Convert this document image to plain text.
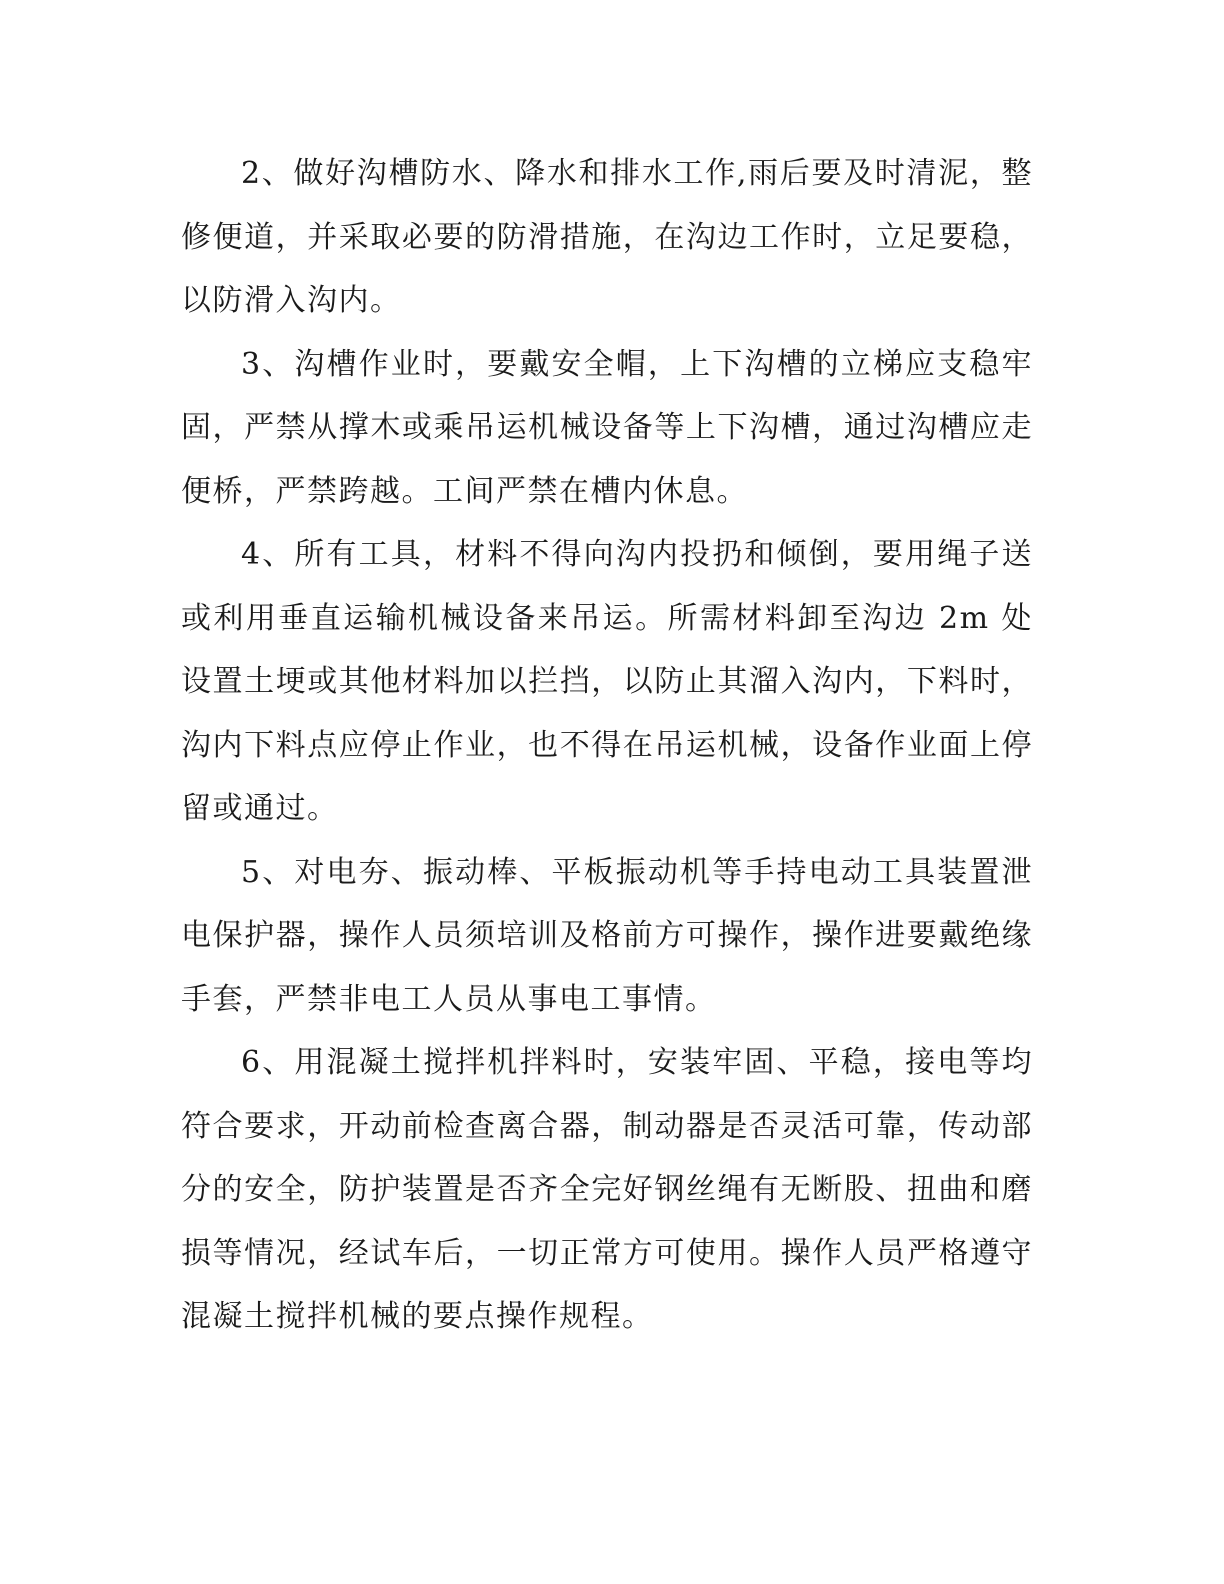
2、做好沟槽防水、降水和排水工作,雨后要及时清泥，整修便道，并采取必要的防滑措施，在沟边工作时，立足要稳，以防滑入沟内。

3、沟槽作业时，要戴安全帽，上下沟槽的立梯应支稳牢固，严禁从撑木或乘吊运机械设备等上下沟槽，通过沟槽应走便桥，严禁跨越。工间严禁在槽内休息。

4、所有工具，材料不得向沟内投扔和倾倒，要用绳子送或利用垂直运输机械设备来吊运。所需材料卸至沟边 2m 处设置土埂或其他材料加以拦挡，以防止其溜入沟内，下料时，沟内下料点应停止作业，也不得在吊运机械，设备作业面上停留或通过。

5、对电夯、振动棒、平板振动机等手持电动工具装置泄电保护器，操作人员须培训及格前方可操作，操作进要戴绝缘手套，严禁非电工人员从事电工事情。

6、用混凝土搅拌机拌料时，安装牢固、平稳，接电等均符合要求，开动前检查离合器，制动器是否灵活可靠，传动部分的安全，防护装置是否齐全完好钢丝绳有无断股、扭曲和磨损等情况，经试车后，一切正常方可使用。操作人员严格遵守混凝土搅拌机械的要点操作规程。
